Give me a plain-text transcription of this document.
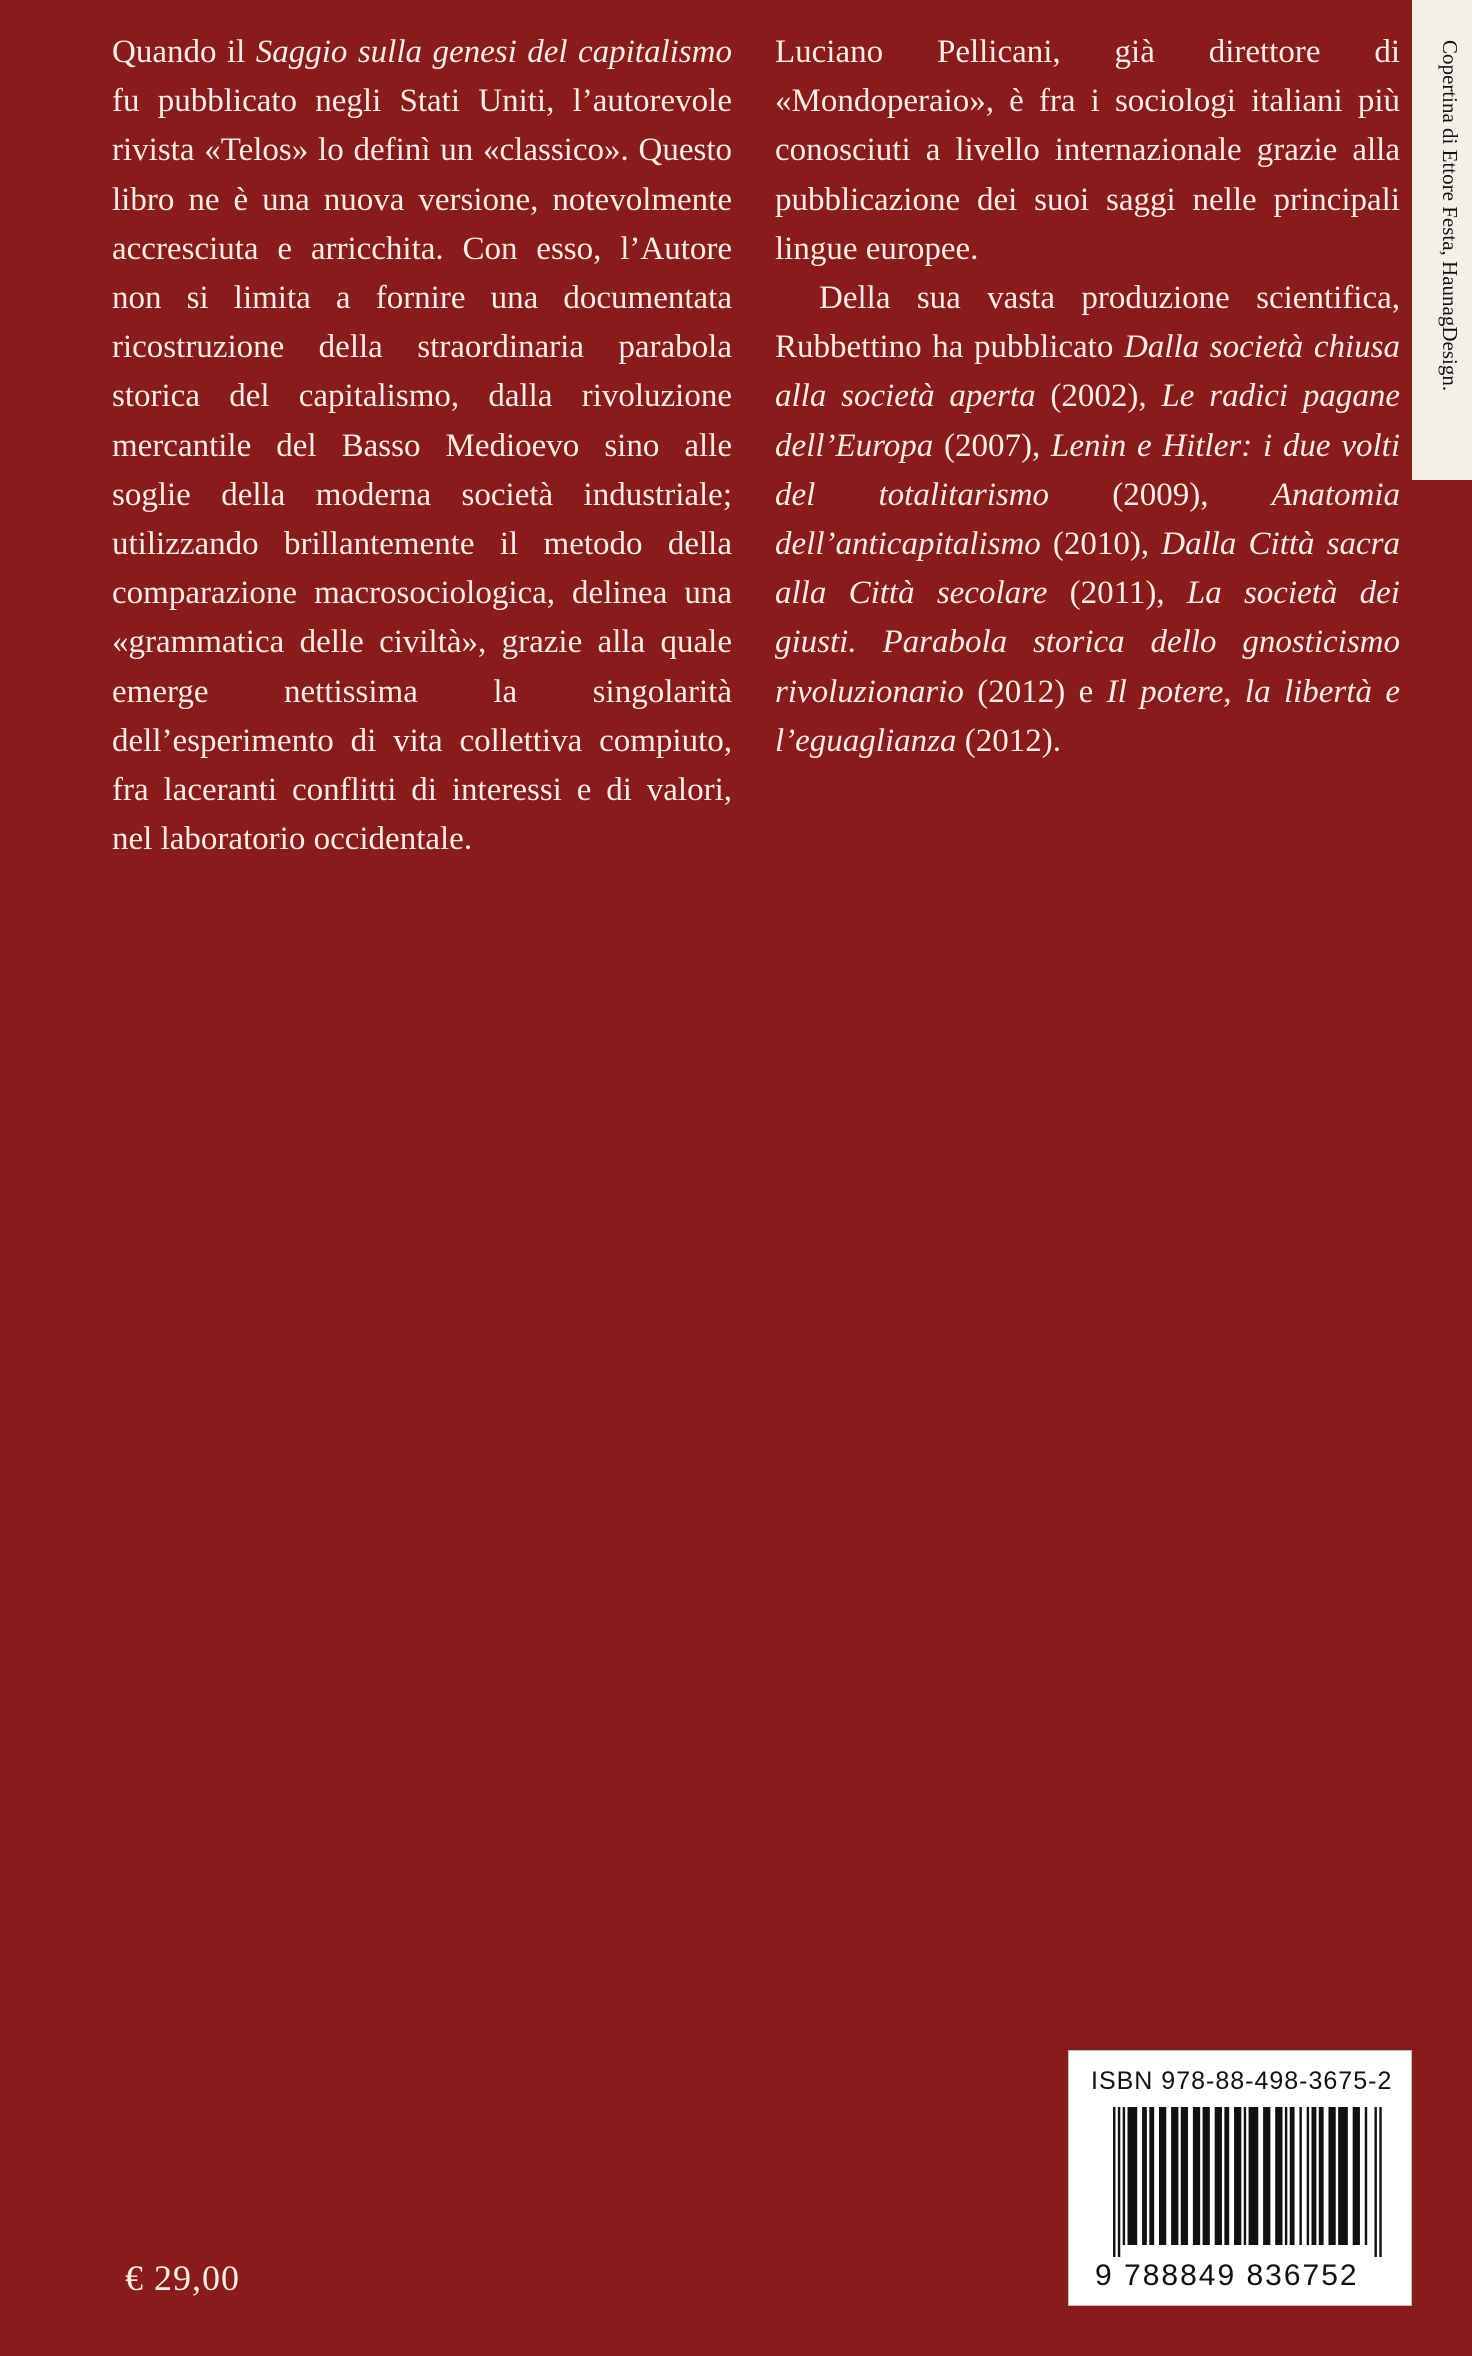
Copertina di Ettore Festa, HaunagDesign.

Quando il Saggio sulla genesi del capitalismo fu pubblicato negli Stati Uniti, l’autorevole rivista «Telos» lo definì un «classico». Questo libro ne è una nuova versione, notevolmente accresciuta e arricchita. Con esso, l’Autore non si limita a fornire una documentata ricostruzione della straordinaria parabola storica del capitalismo, dalla rivoluzione mercantile del Basso Medioevo sino alle soglie della moderna società industriale; utilizzando brillantemente il metodo della comparazione macrosociologica, delinea una «grammatica delle civiltà», grazie alla quale emerge nettissima la singolarità dell’esperimento di vita collettiva compiuto, fra laceranti conflitti di interessi e di valori, nel laboratorio occidentale.

Luciano Pellicani, già direttore di «Mondoperaio», è fra i sociologi italiani più conosciuti a livello internazionale grazie alla pubblicazione dei suoi saggi nelle principali lingue europee.

Della sua vasta produzione scientifica, Rubbettino ha pubblicato Dalla società chiusa alla società aperta (2002), Le radici pagane dell’Europa (2007), Lenin e Hitler: i due volti del totalitarismo (2009), Anatomia dell’anticapitalismo (2010), Dalla Città sacra alla Città secolare (2011), La società dei giusti. Parabola storica dello gnosticismo rivoluzionario (2012) e Il potere, la libertà e l’eguaglianza (2012).

€ 29,00
ISBN 978-88-498-3675-2
9 788849 836752
